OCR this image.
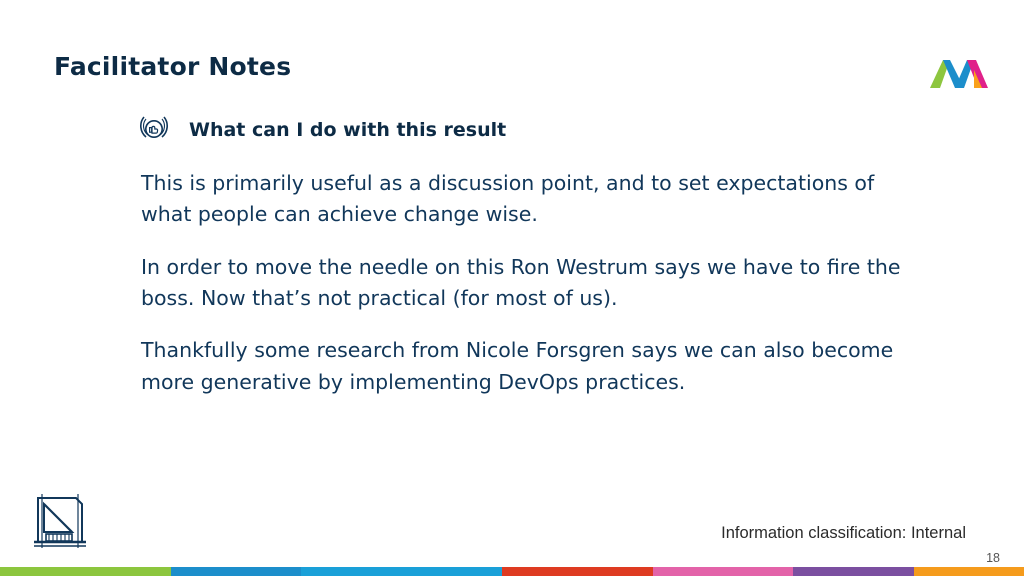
Facilitator Notes
What can I do with this result

This is primarily useful as a discussion point, and to set expectations of what people can achieve change wise.

In order to move the needle on this Ron Westrum says we have to fire the boss. Now that’s not practical (for most of us).

Thankfully some research from Nicole Forsgren says we can also become more generative by implementing DevOps practices.

Information classification: Internal
18
